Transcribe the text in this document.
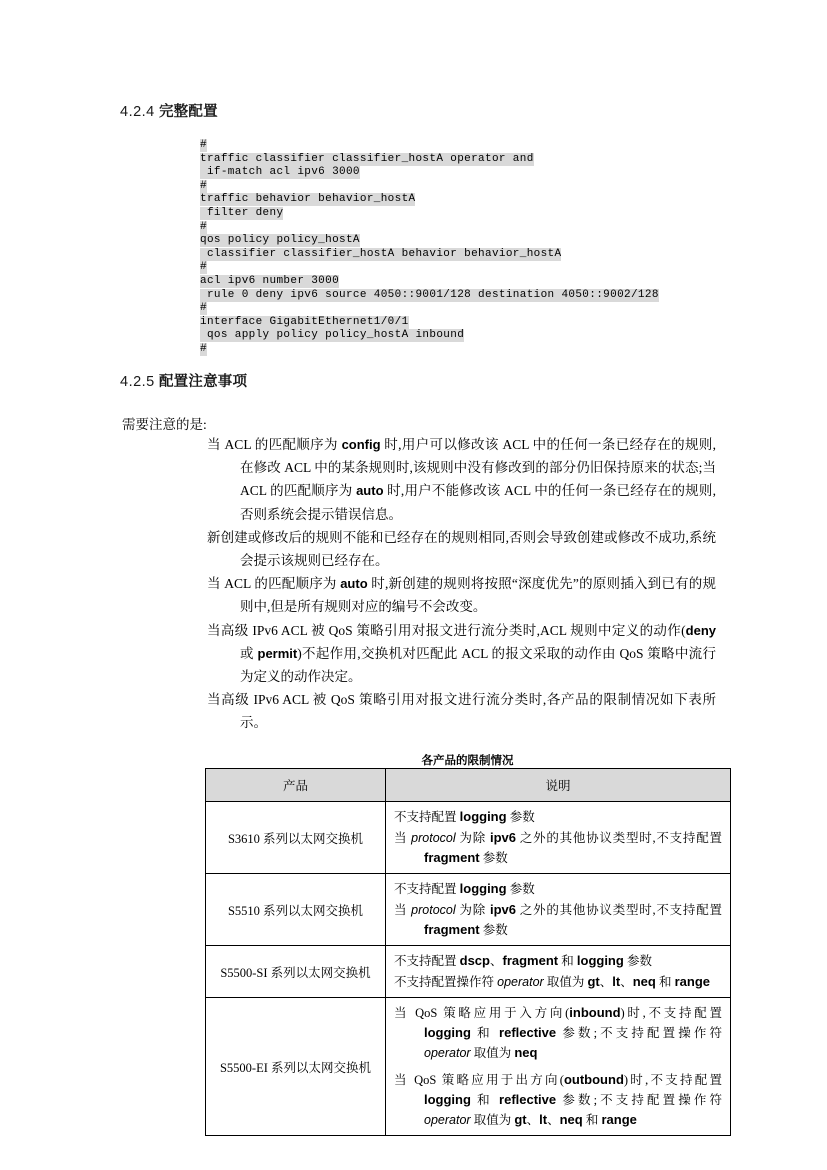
4.2.4 完整配置
#
traffic classifier classifier_hostA operator and
if-match acl ipv6 3000
#
traffic behavior behavior_hostA
filter deny
#
qos policy policy_hostA
classifier classifier_hostA behavior behavior_hostA
#
acl ipv6 number 3000
rule 0 deny ipv6 source 4050::9001/128 destination 4050::9002/128
#
interface GigabitEthernet1/0/1
qos apply policy policy_hostA inbound
#
4.2.5 配置注意事项
需要注意的是:

当 ACL 的匹配顺序为 config 时,用户可以修改该 ACL 中的任何一条已经存在的规则,在修改 ACL 中的某条规则时,该规则中没有修改到的部分仍旧保持原来的状态;当 ACL 的匹配顺序为 auto 时,用户不能修改该 ACL 中的任何一条已经存在的规则,否则系统会提示错误信息。

新创建或修改后的规则不能和已经存在的规则相同,否则会导致创建或修改不成功,系统会提示该规则已经存在。

当 ACL 的匹配顺序为 auto 时,新创建的规则将按照“深度优先”的原则插入到已有的规则中,但是所有规则对应的编号不会改变。

当高级 IPv6 ACL 被 QoS 策略引用对报文进行流分类时,ACL 规则中定义的动作(deny 或 permit)不起作用,交换机对匹配此 ACL 的报文采取的动作由 QoS 策略中流行为定义的动作决定。

当高级 IPv6 ACL 被 QoS 策略引用对报文进行流分类时,各产品的限制情况如下表所示。

各产品的限制情况
产品	说明
S3610 系列以太网交换机	不支持配置 logging 参数

当 protocol 为除 ipv6 之外的其他协议类型时,不支持配置 fragment 参数

S5510 系列以太网交换机	不支持配置 logging 参数

当 protocol 为除 ipv6 之外的其他协议类型时,不支持配置 fragment 参数

S5500-SI 系列以太网交换机	不支持配置 dscp、fragment 和 logging 参数

不支持配置操作符 operator 取值为 gt、lt、neq 和 range

S5500-EI 系列以太网交换机	当 QoS 策略应用于入方向(inbound)时,不支持配置 logging 和 reflective 参数;不支持配置操作符 operator 取值为 neq

当 QoS 策略应用于出方向(outbound)时,不支持配置 logging 和 reflective 参数;不支持配置操作符 operator 取值为 gt、lt、neq 和 range
